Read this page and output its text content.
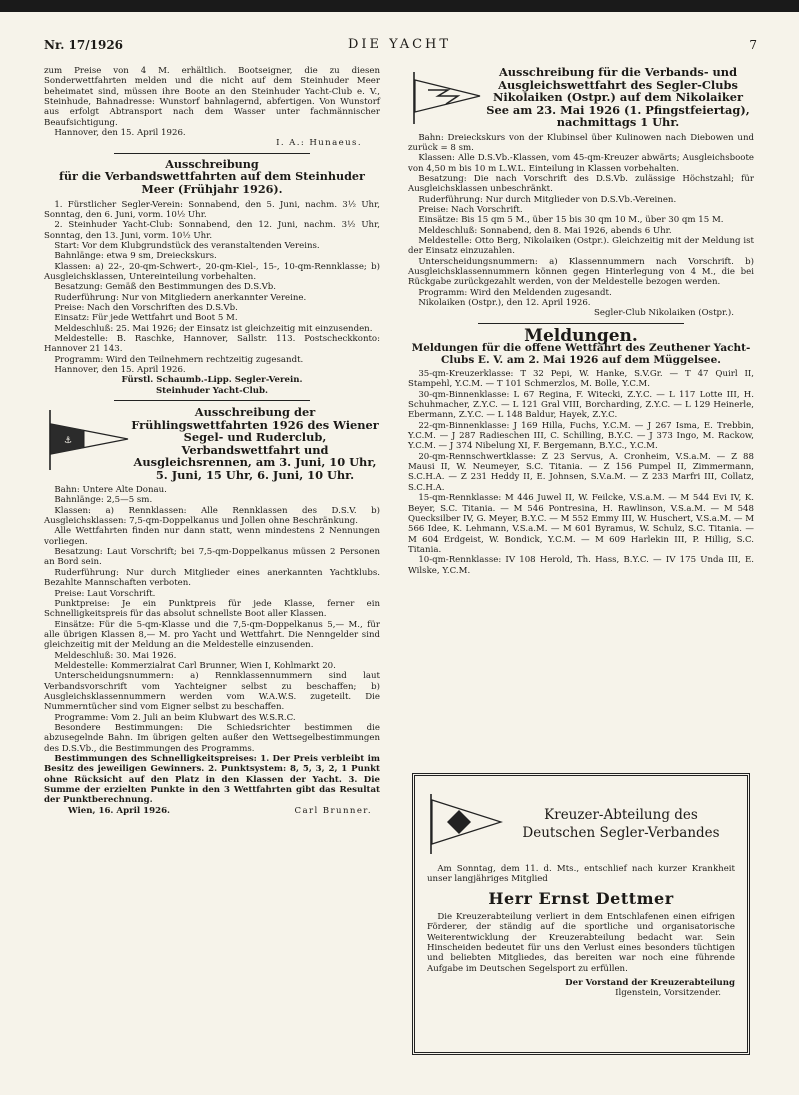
Nr. 17/1926	DIE YACHT	7

zum Preise von 4 M. erhältlich. Bootseigner, die zu diesen Sonderwettfahrten melden und die nicht auf dem Steinhuder Meer beheimatet sind, müssen ihre Boote an den Steinhuder Yacht-Club e. V., Steinhude, Bahnadresse: Wunstorf bahnlagernd, abfertigen. Von Wunstorf aus erfolgt Abtransport nach dem Wasser unter fachmännischer Beaufsichtigung.

Hannover, den 15. April 1926.

I. A.: Hunaeus.

Ausschreibung
für die Verbandswettfahrten auf dem Steinhuder Meer (Frühjahr 1926).

1. Fürstlicher Segler-Verein: Sonnabend, den 5. Juni, nachm. 3½ Uhr, Sonntag, den 6. Juni, vorm. 10½ Uhr.

2. Steinhuder Yacht-Club: Sonnabend, den 12. Juni, nachm. 3½ Uhr, Sonntag, den 13. Juni, vorm. 10½ Uhr.

Start: Vor dem Klubgrundstück des veranstaltenden Vereins.

Bahnlänge: etwa 9 sm, Dreieckskurs.

Klassen: a) 22-, 20-qm-Schwert-, 20-qm-Kiel-, 15-, 10-qm-Rennklasse; b) Ausgleichsklassen, Untereinteilung vorbehalten.

Besatzung: Gemäß den Bestimmungen des D.S.Vb.

Ruderführung: Nur von Mitgliedern anerkannter Vereine.

Preise: Nach den Vorschriften des D.S.Vb.

Einsatz: Für jede Wettfahrt und Boot 5 M.

Meldeschluß: 25. Mai 1926; der Einsatz ist gleichzeitig mit einzusenden.

Meldestelle: B. Raschke, Hannover, Sallstr. 113. Postscheckkonto: Hannover 21 143.

Programm: Wird den Teilnehmern rechtzeitig zugesandt.

Hannover, den 15. April 1926.

Fürstl. Schaumb.-Lipp. Segler-Verein.

Steinhuder Yacht-Club.

⚓
Ausschreibung der Frühlingswettfahrten 1926 des Wiener Segel- und Ruderclub, Verbandswettfahrt und Ausgleichsrennen, am 3. Juni, 10 Uhr, 5. Juni, 15 Uhr, 6. Juni, 10 Uhr.

Bahn: Untere Alte Donau.

Bahnlänge: 2,5—5 sm.

Klassen: a) Rennklassen: Alle Rennklassen des D.S.V. b) Ausgleichsklassen: 7,5-qm-Doppelkanus und Jollen ohne Beschränkung.

Alle Wettfahrten finden nur dann statt, wenn mindestens 2 Nennungen vorliegen.

Besatzung: Laut Vorschrift; bei 7,5-qm-Doppelkanus müssen 2 Personen an Bord sein.

Ruderführung: Nur durch Mitglieder eines anerkannten Yachtklubs. Bezahlte Mannschaften verboten.

Preise: Laut Vorschrift.

Punktpreise: Je ein Punktpreis für jede Klasse, ferner ein Schnelligkeitspreis für das absolut schnellste Boot aller Klassen.

Einsätze: Für die 5-qm-Klasse und die 7,5-qm-Doppelkanus 5,— M., für alle übrigen Klassen 8,— M. pro Yacht und Wettfahrt. Die Nenngelder sind gleichzeitig mit der Meldung an die Meldestelle einzusenden.

Meldeschluß: 30. Mai 1926.

Meldestelle: Kommerzialrat Carl Brunner, Wien I, Kohlmarkt 20.

Unterscheidungsnummern: a) Rennklassennummern sind laut Verbandsvorschrift vom Yachteigner selbst zu beschaffen; b) Ausgleichsklassennummern werden vom W.A.W.S. zugeteilt. Die Nummerntücher sind vom Eigner selbst zu beschaffen.

Programme: Vom 2. Juli an beim Klubwart des W.S.R.C.

Besondere Bestimmungen: Die Schiedsrichter bestimmen die abzusegelnde Bahn. Im übrigen gelten außer den Wettsegelbestimmungen des D.S.Vb., die Bestimmungen des Programms.

Bestimmungen des Schnelligkeitspreises: 1. Der Preis verbleibt im Besitz des jeweiligen Gewinners. 2. Punktsystem: 8, 5, 3, 2, 1 Punkt ohne Rücksicht auf den Platz in den Klassen der Yacht. 3. Die Summe der erzielten Punkte in den 3 Wettfahrten gibt das Resultat der Punktberechnung.

Wien, 16. April 1926.	Carl Brunner.
Ausschreibung für die Verbands- und Ausgleichswettfahrt des Segler-Clubs Nikolaiken (Ostpr.) auf dem Nikolaiker See am 23. Mai 1926 (1. Pfingstfeiertag), nachmittags 1 Uhr.

Bahn: Dreieckskurs von der Klubinsel über Kulinowen nach Diebowen und zurück = 8 sm.

Klassen: Alle D.S.Vb.-Klassen, vom 45-qm-Kreuzer abwärts; Ausgleichsboote von 4,50 m bis 10 m L.W.L. Einteilung in Klassen vorbehalten.

Besatzung: Die nach Vorschrift des D.S.Vb. zulässige Höchstzahl; für Ausgleichsklassen unbeschränkt.

Ruderführung: Nur durch Mitglieder von D.S.Vb.-Vereinen.

Preise: Nach Vorschrift.

Einsätze: Bis 15 qm 5 M., über 15 bis 30 qm 10 M., über 30 qm 15 M.

Meldeschluß: Sonnabend, den 8. Mai 1926, abends 6 Uhr.

Meldestelle: Otto Berg, Nikolaiken (Ostpr.). Gleichzeitig mit der Meldung ist der Einsatz einzuzahlen.

Unterscheidungsnummern: a) Klassennummern nach Vorschrift. b) Ausgleichsklassennummern können gegen Hinterlegung von 4 M., die bei Rückgabe zurückgezahlt werden, von der Meldestelle bezogen werden.

Programm: Wird den Meldenden zugesandt.

Nikolaiken (Ostpr.), den 12. April 1926.

Segler-Club Nikolaiken (Ostpr.).

Meldungen.
Meldungen für die offene Wettfahrt des Zeuthener Yacht-Clubs E. V. am 2. Mai 1926 auf dem Müggelsee.

35-qm-Kreuzerklasse: T 32 Pepi, W. Hanke, S.V.Gr. — T 47 Quirl II, Stampehl, Y.C.M. — T 101 Schmerzlos, M. Bolle, Y.C.M.

30-qm-Binnenklasse: L 67 Regina, F. Witecki, Z.Y.C. — L 117 Lotte III, H. Schuhmacher, Z.Y.C. — L 121 Gral VIII, Borcharding, Z.Y.C. — L 129 Heinerle, Ebermann, Z.Y.C. — L 148 Baldur, Hayek, Z.Y.C.

22-qm-Binnenklasse: J 169 Hilla, Fuchs, Y.C.M. — J 267 Isma, E. Trebbin, Y.C.M. — J 287 Radieschen III, C. Schilling, B.Y.C. — J 373 Ingo, M. Rackow, Y.C.M. — J 374 Nibelung XI, F. Bergemann, B.Y.C., Y.C.M.

20-qm-Rennschwertklasse: Z 23 Servus, A. Cronheim, V.S.a.M. — Z 88 Mausi II, W. Neumeyer, S.C. Titania. — Z 156 Pumpel II, Zimmermann, S.C.H.A. — Z 231 Heddy II, E. Johnsen, S.V.a.M. — Z 233 Marfri III, Collatz, S.C.H.A.

15-qm-Rennklasse: M 446 Juwel II, W. Feilcke, V.S.a.M. — M 544 Evi IV, K. Beyer, S.C. Titania. — M 546 Pontresina, H. Rawlinson, V.S.a.M. — M 548 Quecksilber IV, G. Meyer, B.Y.C. — M 552 Emmy III, W. Huschert, V.S.a.M. — M 566 Idee, K. Lehmann, V.S.a.M. — M 601 Byramus, W. Schulz, S.C. Titania. — M 604 Erdgeist, W. Bondick, Y.C.M. — M 609 Harlekin III, P. Hillig, S.C. Titania.

10-qm-Rennklasse: IV 108 Herold, Th. Hass, B.Y.C. — IV 175 Unda III, E. Wilske, Y.C.M.

Kreuzer-Abteilung des
Deutschen Segler-Verbandes

Am Sonntag, dem 11. d. Mts., entschlief nach kurzer Krankheit unser langjähriges Mitglied

Herr Ernst Dettmer

Die Kreuzerabteilung verliert in dem Entschlafenen einen eifrigen Förderer, der ständig auf die sportliche und organisatorische Weiterentwicklung der Kreuzerabteilung bedacht war. Sein Hinscheiden bedeutet für uns den Verlust eines besonders tüchtigen und beliebten Mitgliedes, das bereiten war noch eine führende Aufgabe im Deutschen Segelsport zu erfüllen.

Der Vorstand der Kreuzerabteilung

Ilgenstein, Vorsitzender.
